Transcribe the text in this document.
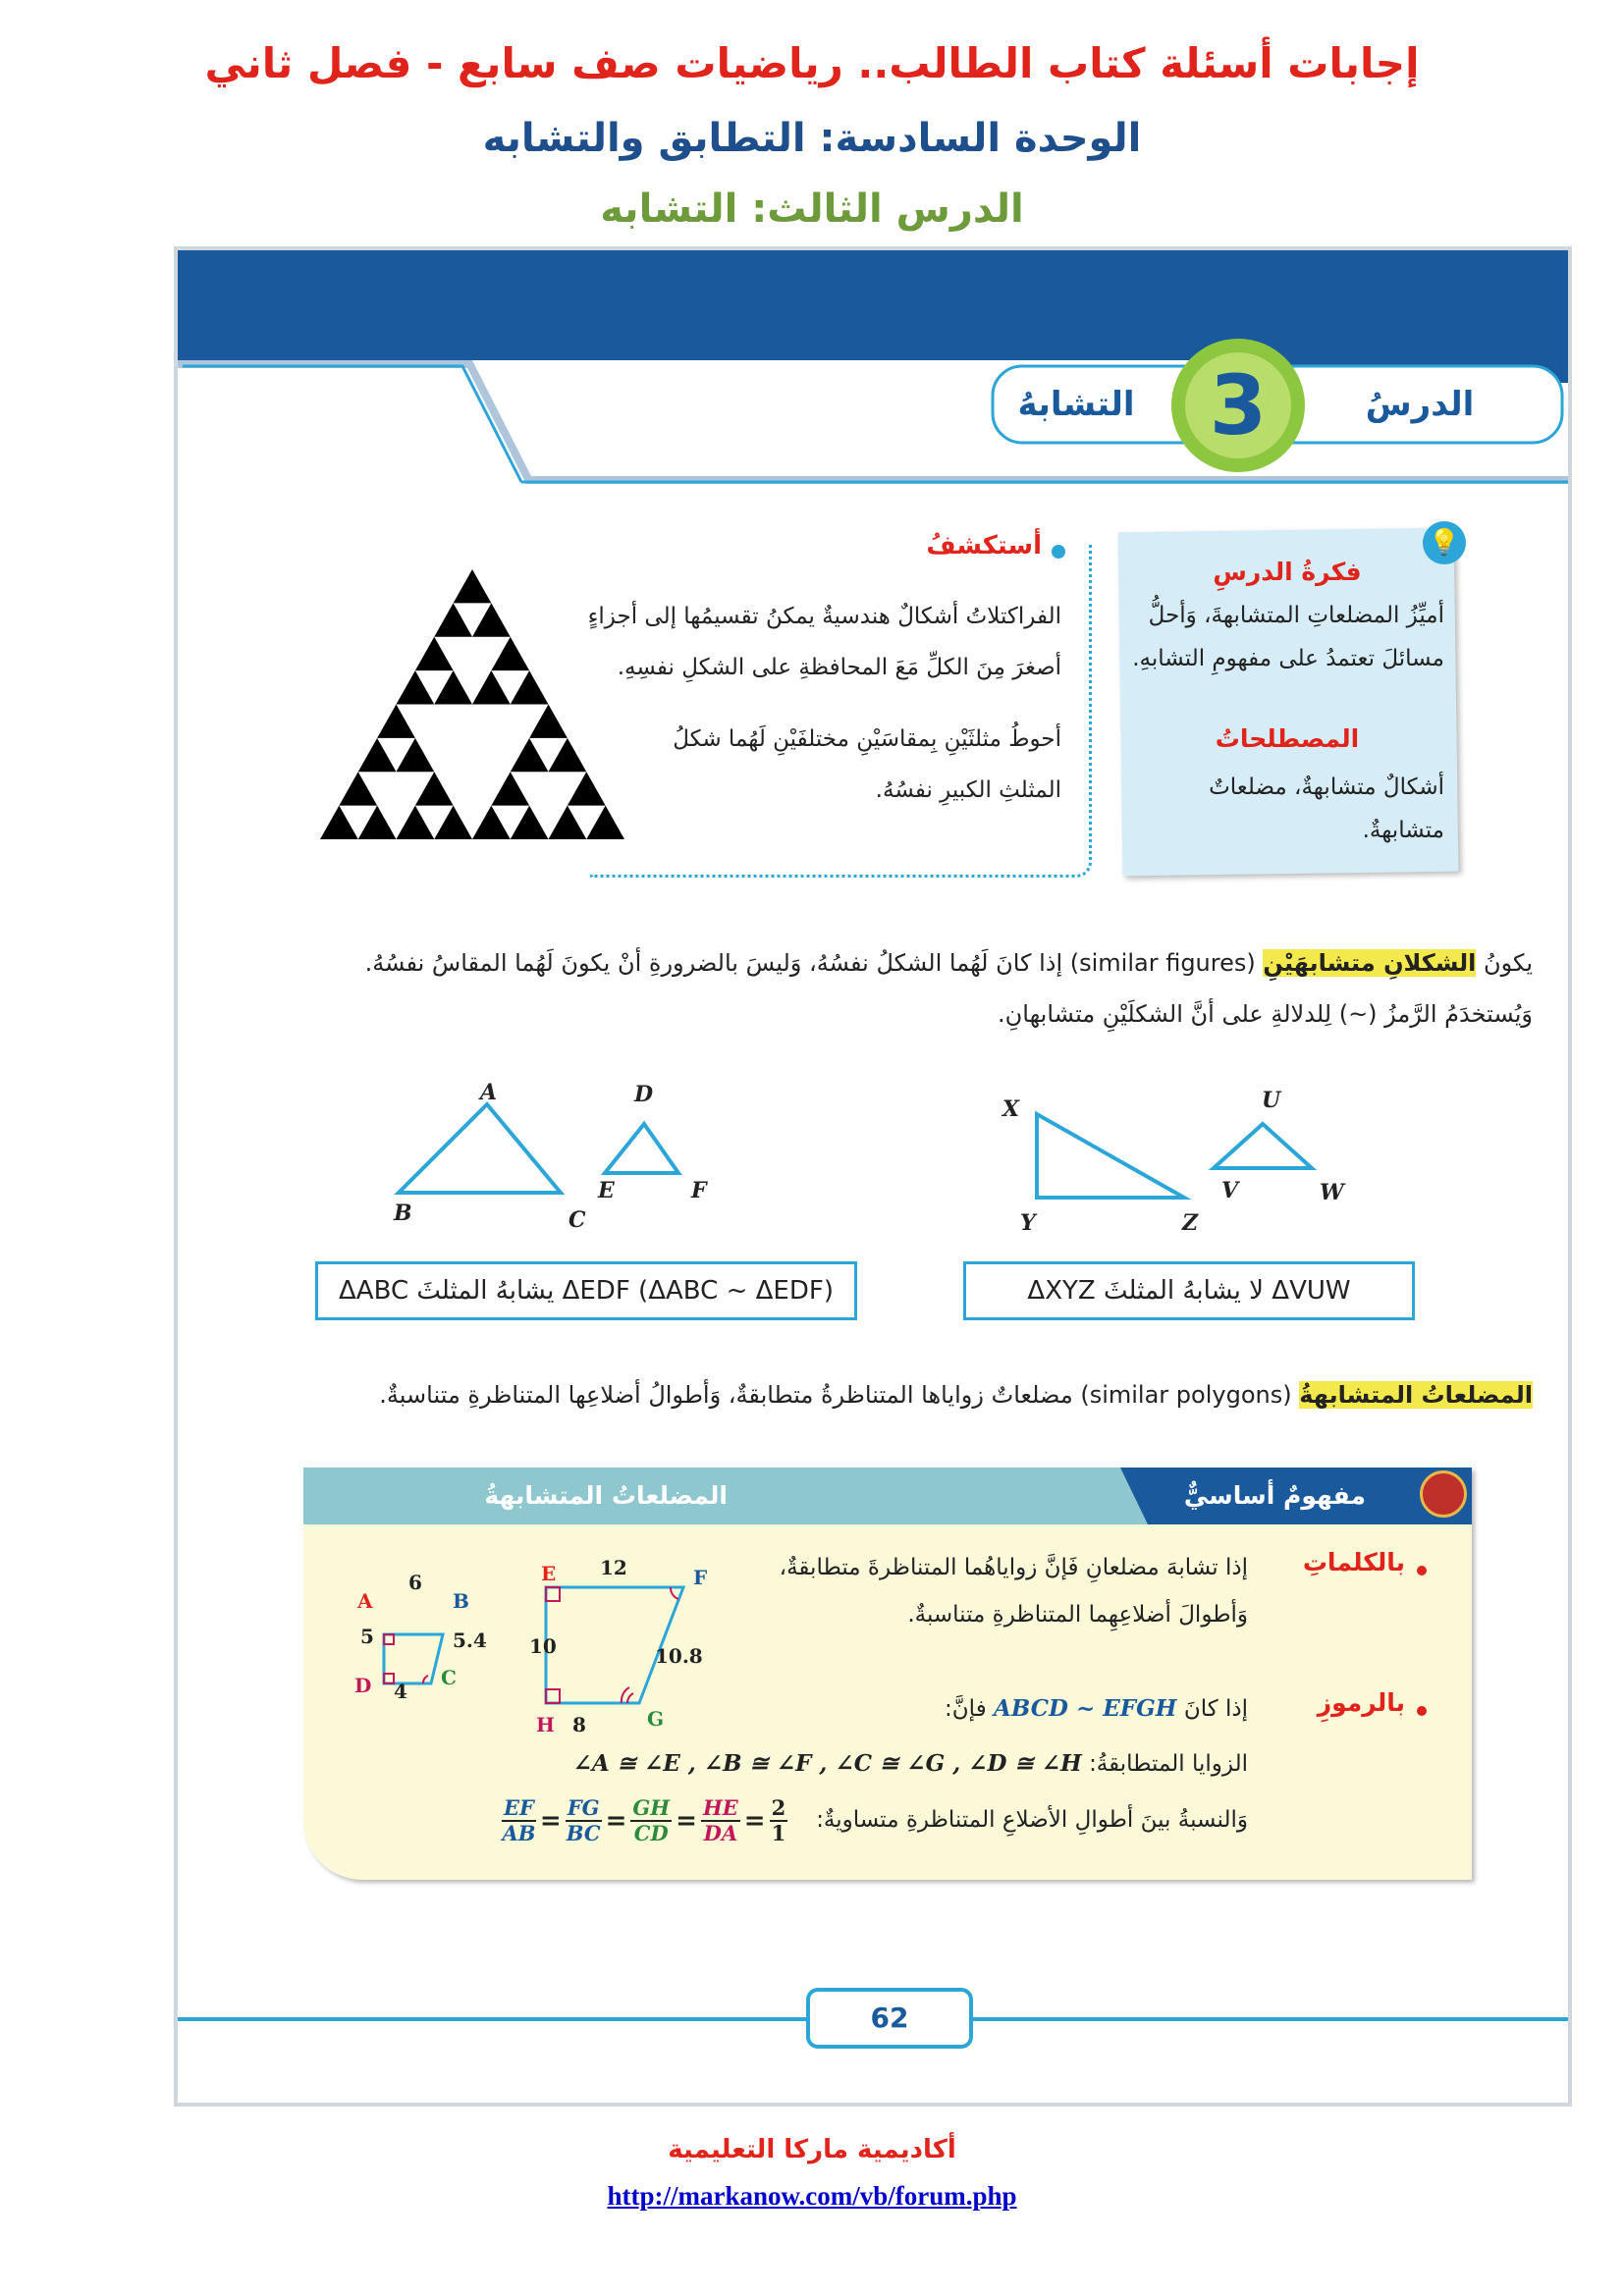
إجابات أسئلة كتاب الطالب.. رياضيات صف سابع - فصل ثاني
الوحدة السادسة: التطابق والتشابه
الدرس الثالث: التشابه
الدرسُ
3
التشابهُ
💡
فكرةُ الدرسِ
أميِّزُ المضلعاتِ المتشابهةَ، وَأحلُّ
مسائلَ تعتمدُ على مفهومِ التشابهِ.
المصطلحاتُ
أشكالٌ متشابهةٌ، مضلعاتٌ متشابهةٌ.
أستكشفُ
الفراكتلاتُ أشكالٌ هندسيةٌ يمكنُ تقسيمُها إلى أجزاءٍ
أصغرَ مِنَ الكلِّ مَعَ المحافظةِ على الشكلِ نفسِهِ.
أحوطُ مثلثَيْنِ بِمقاسَيْنِ مختلفَيْنِ لَهُما شكلُ
المثلثِ الكبيرِ نفسُهُ.
يكونُ الشكلانِ متشابهَيْنِ (similar figures) إذا كانَ لَهُما الشكلُ نفسُهُ، وَليسَ بالضرورةِ أنْ يكونَ لَهُما المقاسُ نفسُهُ.
وَيُستخدَمُ الرَّمزُ (~) لِلدلالةِ على أنَّ الشكلَيْنِ متشابهانِ.
A
B	C
D
E	F
X
Y	Z
U
V	W
(ΔABC ~ ΔEDF) ΔEDF يشابهُ المثلثَ ΔABC	ΔVUW لا يشابهُ المثلثَ ΔXYZ
المضلعاتُ المتشابهةُ (similar polygons) مضلعاتٌ زواياها المتناظرةُ متطابقةٌ، وَأطوالُ أضلاعِها المتناظرةِ متناسبةٌ.
مفهومٌ أساسيٌّ
المضلعاتُ المتشابهةُ
بالكلماتِ
إذا تشابهَ مضلعانِ فَإنَّ زواياهُما المتناظرةَ متطابقةٌ،
وَأطوالَ أضلاعِهِما المتناظرةِ متناسبةٌ.
بالرموزِ
إذا كانَ ABCD ~ EFGH فإنَّ:
الزوايا المتطابقةُ: ∠A ≅ ∠E , ∠B ≅ ∠F , ∠C ≅ ∠G , ∠D ≅ ∠H
وَالنسبةُ بينَ أطوالِ الأضلاعِ المتناظرةِ متساويةٌ:
$\frac{EF}{AB} = \frac{FG}{BC} = \frac{GH}{CD} = \frac{HE}{DA} = \frac{2}{1}$
A	B
C
D
6
5	5.4
4
E	F
G
H
12
10	10.8
8
62
أكاديمية ماركا التعليمية
http://markanow.com/vb/forum.php
